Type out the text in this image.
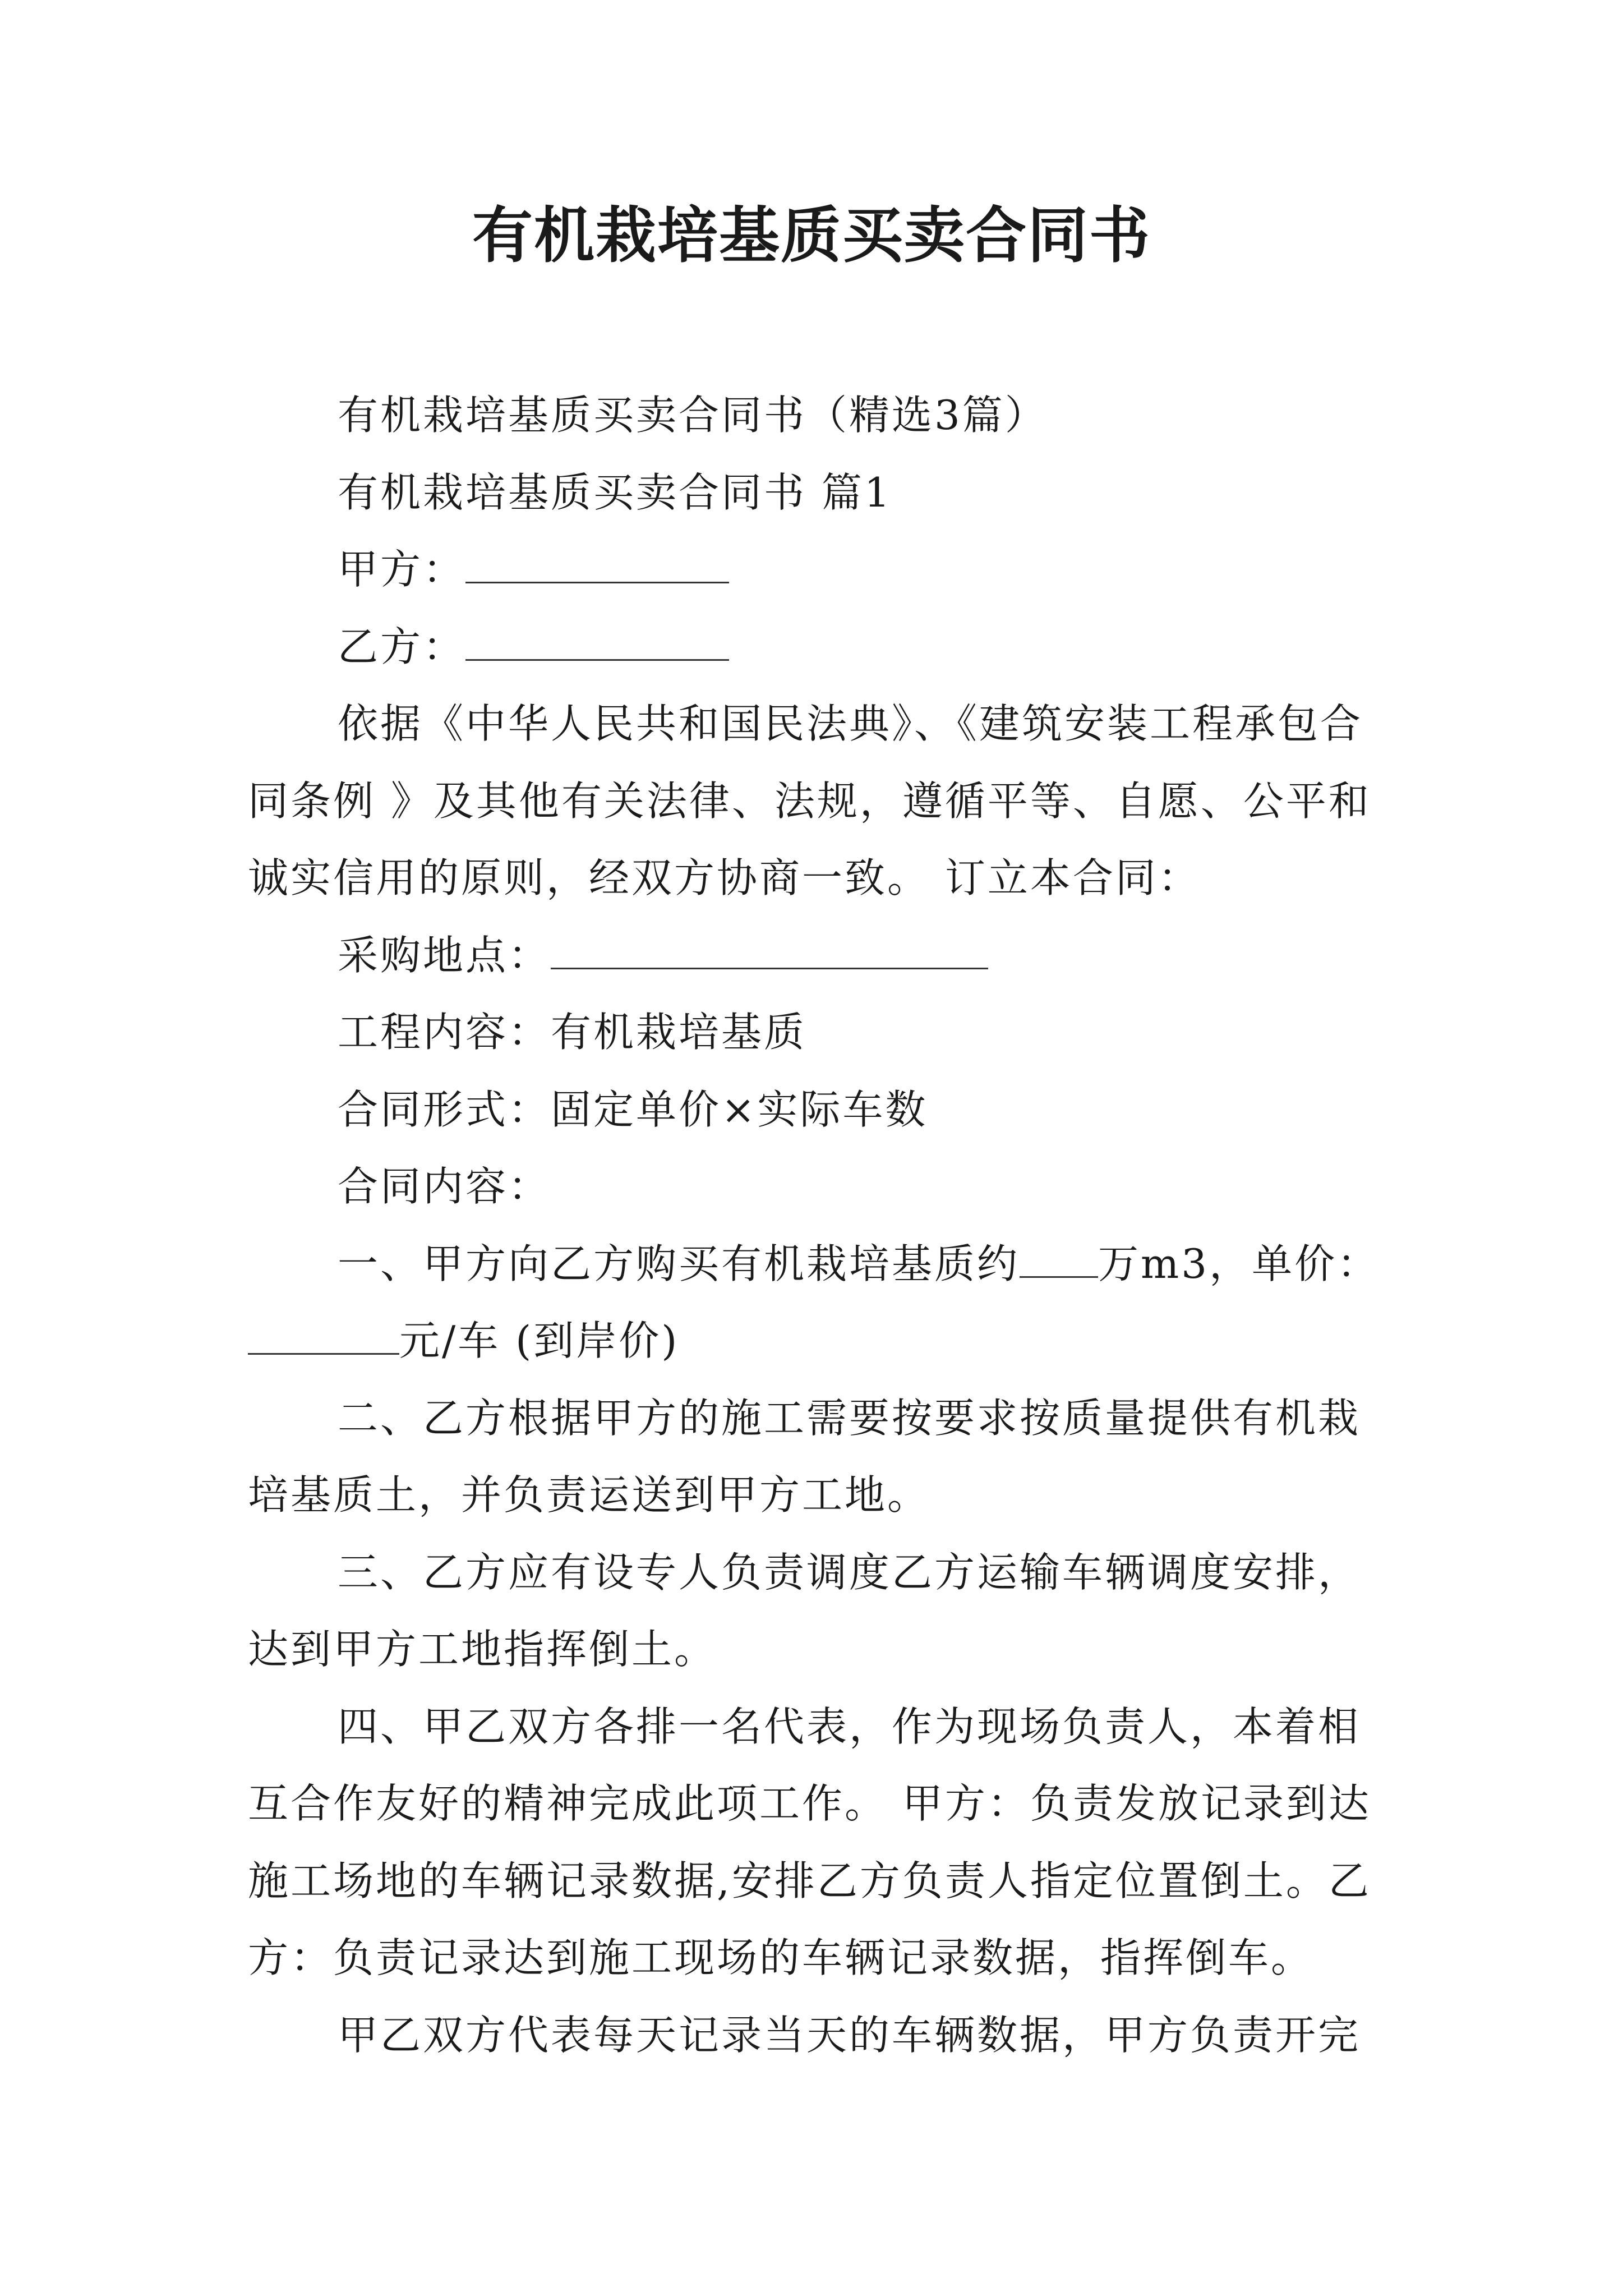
有机栽培基质买卖合同书

有机栽培基质买卖合同书（精选3篇）

有机栽培基质买卖合同书 篇1

甲方：

乙方：

依据《中华人民共和国民法典》、《建筑安装工程承包合同条例 》及其他有关法律、法规，遵循平等、自愿、公平和诚实信用的原则，经双方协商一致。 订立本合同：

采购地点：

工程内容：有机栽培基质

合同形式：固定单价×实际车数

合同内容：

一、甲方向乙方购买有机栽培基质约 万m3，单价：元/车 (到岸价)

二、乙方根据甲方的施工需要按要求按质量提供有机栽培基质土，并负责运送到甲方工地。

三、乙方应有设专人负责调度乙方运输车辆调度安排，达到甲方工地指挥倒土。

四、甲乙双方各排一名代表，作为现场负责人，本着相互合作友好的精神完成此项工作。 甲方：负责发放记录到达施工场地的车辆记录数据,安排乙方负责人指定位置倒土。乙方：负责记录达到施工现场的车辆记录数据，指挥倒车。

甲乙双方代表每天记录当天的车辆数据，甲方负责开完
